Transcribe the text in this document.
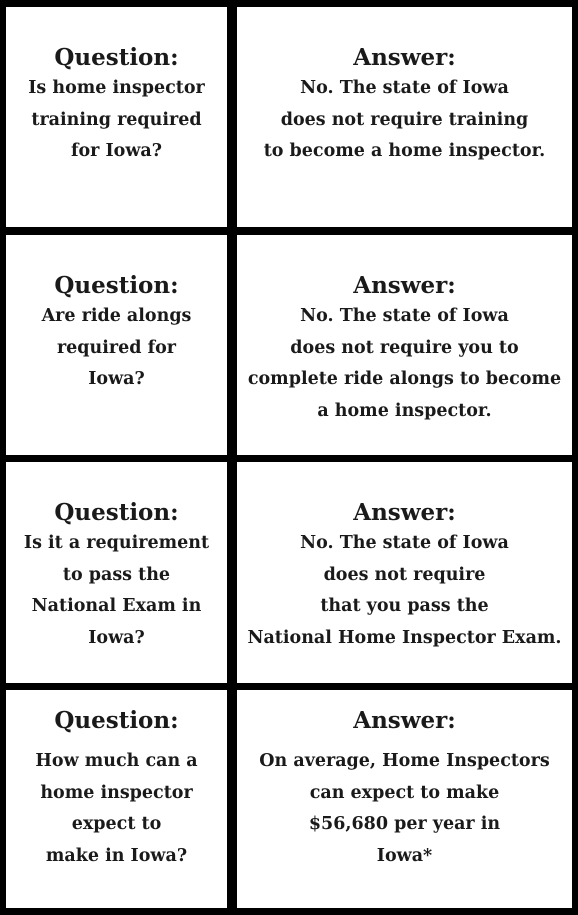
Question:
Is home inspector
training required
for Iowa?
Answer:
No. The state of Iowa
does not require training
to become a home inspector.
Question:
Are ride alongs
required for
Iowa?
Answer:
No. The state of Iowa
does not require you to
complete ride alongs to become
a home inspector.
Question:
Is it a requirement
to pass the
National Exam in
Iowa?
Answer:
No. The state of Iowa
does not require
that you pass the
National Home Inspector Exam.
Question:
How much can a
home inspector
expect to
make in Iowa?
Answer:
On average, Home Inspectors
can expect to make
$56,680 per year in
Iowa*
